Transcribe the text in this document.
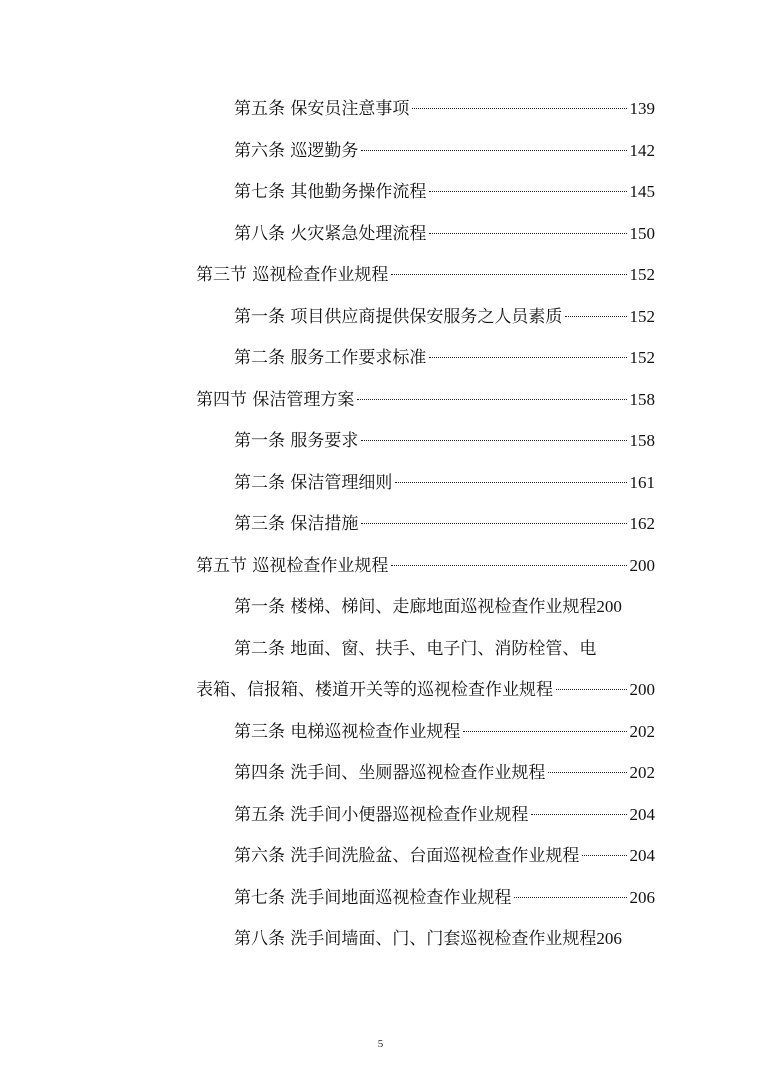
第五条 保安员注意事项	139
第六条 巡逻勤务	142
第七条 其他勤务操作流程	145
第八条 火灾紧急处理流程	150
第三节 巡视检查作业规程	152
第一条 项目供应商提供保安服务之人员素质	152
第二条 服务工作要求标准	152
第四节 保洁管理方案	158
第一条 服务要求	158
第二条 保洁管理细则	161
第三条 保洁措施	162
第五节 巡视检查作业规程	200
第一条 楼梯、梯间、走廊地面巡视检查作业规程 200
第二条 地面、窗、扶手、电子门、消防栓管、电
表箱、信报箱、楼道开关等的巡视检查作业规程	200
第三条 电梯巡视检查作业规程	202
第四条 洗手间、坐厕器巡视检查作业规程	202
第五条 洗手间小便器巡视检查作业规程	204
第六条 洗手间洗脸盆、台面巡视检查作业规程	204
第七条 洗手间地面巡视检查作业规程	206
第八条 洗手间墙面、门、门套巡视检查作业规程 206
5
